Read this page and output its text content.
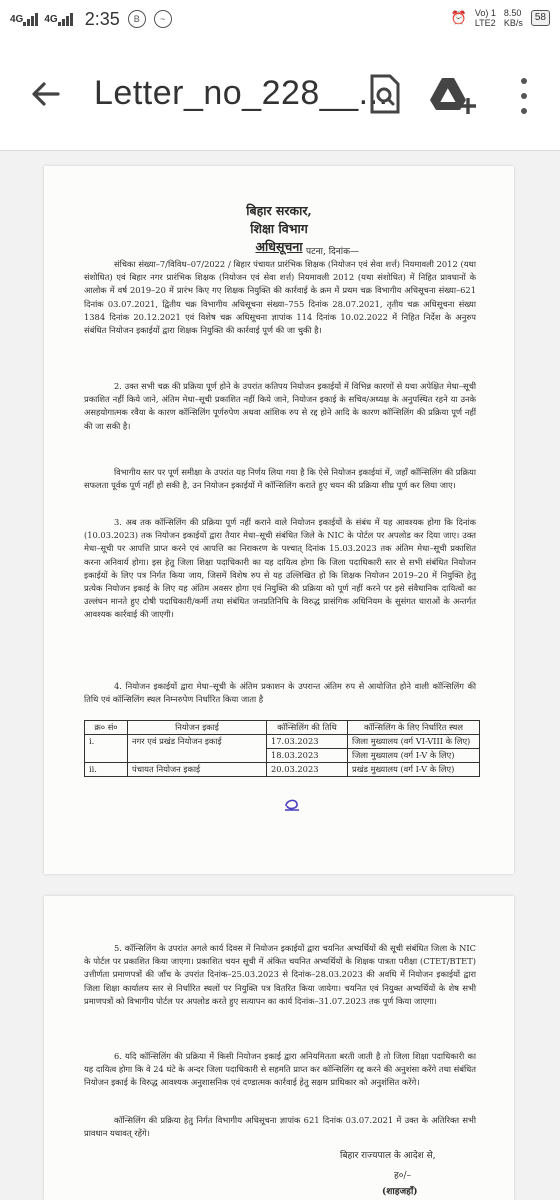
4G 4G 2:35	B	~	⏰ Vo) 1
LTE2
8.50
KB/s	58
Letter_no_228__...
बिहार सरकार,
शिक्षा विभाग
अधिसूचना पटना, दिनांक—
संचिका संख्या–7/विविध–07/2022 / बिहार पंचायत प्रारंभिक शिक्षक (नियोजन एवं सेवा शर्त्त) नियमावली 2012 (यथा संशोधित) एवं बिहार नगर प्रारंभिक शिक्षक (नियोजन एवं सेवा शर्त्त) नियमावली 2012 (यथा संशोधित) में निहित प्रावधानों के आलोक में वर्ष 2019–20 में प्रारंभ किए गए शिक्षक नियुक्ति की कार्रवाई के क्रम में प्रथम चक्र विभागीय अधिसूचना संख्या–621 दिनांक 03.07.2021, द्वितीय चक्र विभागीय अधिसूचना संख्या–755 दिनांक 28.07.2021, तृतीय चक्र अधिसूचना संख्या 1384 दिनांक 20.12.2021 एवं विशेष चक्र अधिसूचना ज्ञापांक 114 दिनांक 10.02.2022 में निहित निर्देश के अनुरुप संबंधित नियोजन इकाईयों द्वारा शिक्षक नियुक्ति की कार्रवाई पूर्ण की जा चुकी है।
2. उक्त सभी चक्र की प्रक्रिया पूर्ण होने के उपरांत कतिपय नियोजन इकाईयों में विभिन्न कारणों से यथा अपेक्षित मेधा–सूची प्रकाशित नहीं किये जाने, अंतिम मेधा–सूची प्रकाशित नहीं किये जाने, नियोजन इकाई के सचिव/अध्यक्ष के अनुपस्थित रहने या उनके असहयोगात्मक रवैया के कारण कॉन्सिलिंग पूर्णरुपेण अथवा आंशिक रुप से रद्द होने आदि के कारण कॉन्सिलिंग की प्रक्रिया पूर्ण नहीं की जा सकी है।
विभागीय स्तर पर पूर्ण समीक्षा के उपरांत यह निर्णय लिया गया है कि ऐसे नियोजन इकाईयां में, जहाँ कॉन्सिलिंग की प्रक्रिया सफलता पूर्वक पूर्ण नहीं हो सकी है, उन नियोजन इकाईयों में कॉन्सिलिंग कराते हुए चयन की प्रक्रिया शीघ्र पूर्ण कर लिया जाए।
3. अब तक कॉन्सिलिंग की प्रक्रिया पूर्ण नहीं कराने वाले नियोजन इकाईयों के संबंध में यह आवश्यक होगा कि दिनांक (10.03.2023) तक नियोजन इकाईयों द्वारा तैयार मेधा–सूची संबंधित जिले के NIC के पोर्टल पर अपलोड कर दिया जाए। उक्त मेधा–सूची पर आपत्ति प्राप्त करने एवं आपत्ति का निराकरण के पश्चात् दिनांक 15.03.2023 तक अंतिम मेधा–सूची प्रकाशित करना अनिवार्य होगा। इस हेतु जिला शिक्षा पदाधिकारी का यह दायित्व होगा कि जिला पदाधिकारी स्तर से सभी संबंधित नियोजन इकाईयों के लिए पत्र निर्गत किया जाय, जिसमें विशेष रुप से यह उल्लिखित हो कि शिक्षक नियोजन 2019–20 में नियुक्ति हेतु प्रत्येक नियोजन इकाई के लिए यह अंतिम अवसर होगा एवं नियुक्ति की प्रक्रिया को पूर्ण नहीं करने पर इसे संवैधानिक दायित्वों का उल्लंघन मानते हुए दोषी पदाधिकारी/कर्मी तथा संबंधित जनप्रतिनिधि के विरुद्ध प्रासंगिक अधिनियम के सुसंगत धाराओं के अन्तर्गत आवश्यक कार्रवाई की जाएगी।
4. नियोजन इकाईयों द्वारा मेधा–सूची के अंतिम प्रकाशन के उपरान्त अंतिम रुप से आयोजित होने वाली कॉन्सिलिंग की तिथि एवं कॉन्सिलिंग स्थल निम्नरुपेण निर्धारित किया जाता है
क्र० सं०	नियोजन इकाई	कॉन्सिलिंग की तिथि	कॉन्सिलिंग के लिए निर्धारित स्थल
i.	नगर एवं प्रखंड नियोजन इकाई	17.03.2023	जिला मुख्यालय (वर्ग VI-VIII के लिए)
		18.03.2023	जिला मुख्यालय (वर्ग I-V के लिए)
ii.	पंचायत नियोजन इकाई	20.03.2023	प्रखंड मुख्यालय (वर्ग I-V के लिए)
5. कॉन्सिलिंग के उपरांत अगले कार्य दिवस में नियोजन इकाईयों द्वारा चयनित अभ्यर्थियों की सूची संबंधित जिला के NIC के पोर्टल पर प्रकाशित किया जाएगा। प्रकाशित चयन सूची में अंकित चयनित अभ्यर्थियों के शिक्षक पात्रता परीक्षा (CTET/BTET) उत्तीर्णता प्रमाणपत्रों की जाँच के उपरांत दिनांक–25.03.2023 से दिनांक–28.03.2023 की अवधि में नियोजन इकाईयों द्वारा जिला शिक्षा कार्यालय स्तर से निर्धारित स्थलों पर नियुक्ति पत्र वितरित किया जायेगा। चयनित एवं नियुक्त अभ्यर्थियों के शेष सभी प्रमाणपत्रों को विभागीय पोर्टल पर अपलोड करते हुए सत्यापन का कार्य दिनांक–31.07.2023 तक पूर्ण किया जाएगा।
6. यदि कॉन्सिलिंग की प्रक्रिया में किसी नियोजन इकाई द्वारा अनियमितता बरती जाती है तो जिला शिक्षा पदाधिकारी का यह दायित्व होगा कि वे 24 घंटे के अन्दर जिला पदाधिकारी से सहमति प्राप्त कर कॉन्सिलिंग रद्द करने की अनुशंसा करेंगे तथा संबंधित नियोजन इकाई के विरुद्ध आवश्यक अनुशासनिक एवं दण्डात्मक कार्रवाई हेतु सक्षम प्राधिकार को अनुशंसित करेंगे।
कॉन्सिलिंग की प्रक्रिया हेतु निर्गत विभागीय अधिसूचना ज्ञापांक 621 दिनांक 03.07.2021 में उक्त के अतिरिक्त सभी प्रावधान यथावत् रहेंगे।
बिहार राज्यपाल के आदेश से,
ह०/–
(शाहजहाँ)
